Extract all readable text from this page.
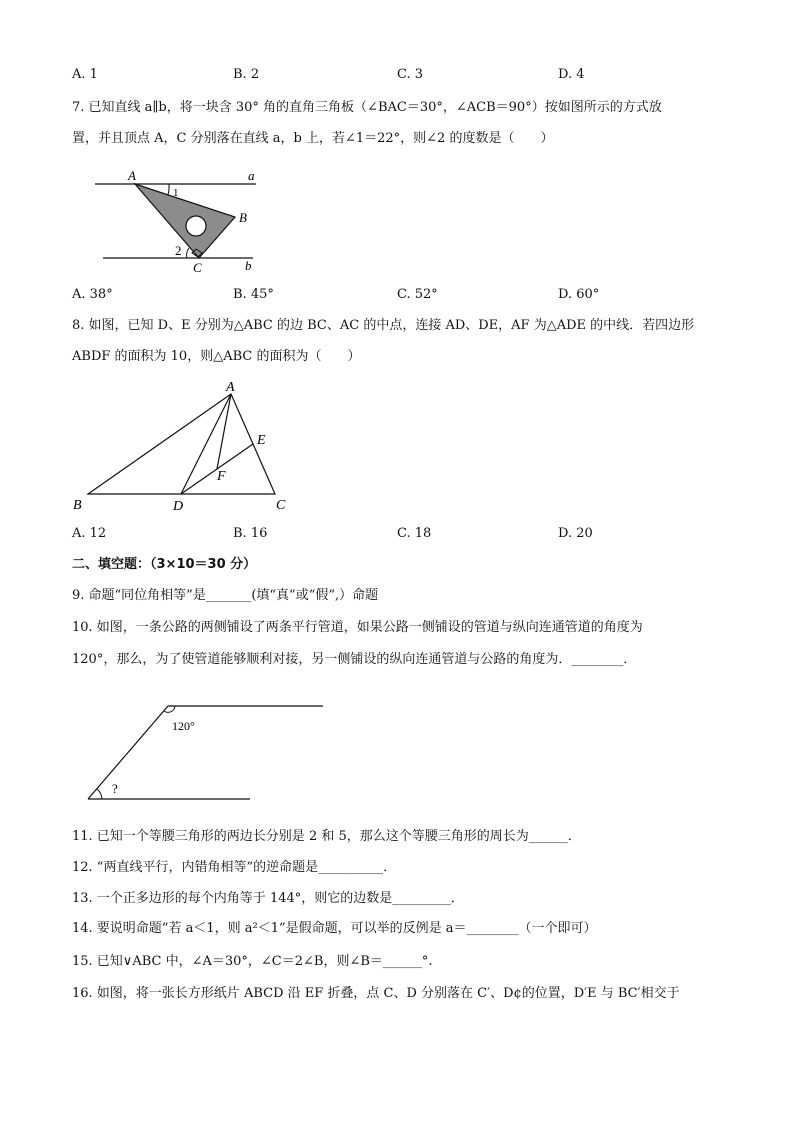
A. 1	B. 2	C. 3	D. 4
7. 已知直线 a∥b，将一块含 30° 角的直角三角板（∠BAC＝30°，∠ACB＝90°）按如图所示的方式放
置，并且顶点 A，C 分别落在直线 a，b 上，若∠1＝22°，则∠2 的度数是（　　）
A
B
C
a
b
1
2
A. 38°	B. 45°	C. 52°	D. 60°
8. 如图，已知 D、E 分别为△ABC 的边 BC、AC 的中点，连接 AD、DE，AF 为△ADE 的中线．若四边形
ABDF 的面积为 10，则△ABC 的面积为（　　）
A
B	C
D
E
F
A. 12	B. 16	C. 18	D. 20
二、填空题：（3×10＝30 分）
9. 命题“同位角相等”是_______(填“真”或“假”,）命题
10. 如图，一条公路的两侧铺设了两条平行管道，如果公路一侧铺设的管道与纵向连通管道的角度为
120°，那么，为了使管道能够顺利对接，另一侧铺设的纵向连通管道与公路的角度为．________．
120°
?
11. 已知一个等腰三角形的两边长分别是 2 和 5，那么这个等腰三角形的周长为______．
12. “两直线平行，内错角相等”的逆命题是__________．
13. 一个正多边形的每个内角等于 144°，则它的边数是_________．
14. 要说明命题“若 a＜1，则 a²＜1”是假命题，可以举的反例是 a＝________（一个即可）
15. 已知∨ABC 中，∠A＝30°，∠C＝2∠B，则∠B＝______°.
16. 如图，将一张长方形纸片 ABCD 沿 EF 折叠，点 C、D 分别落在 C′、D¢的位置，D′E 与 BC′相交于
